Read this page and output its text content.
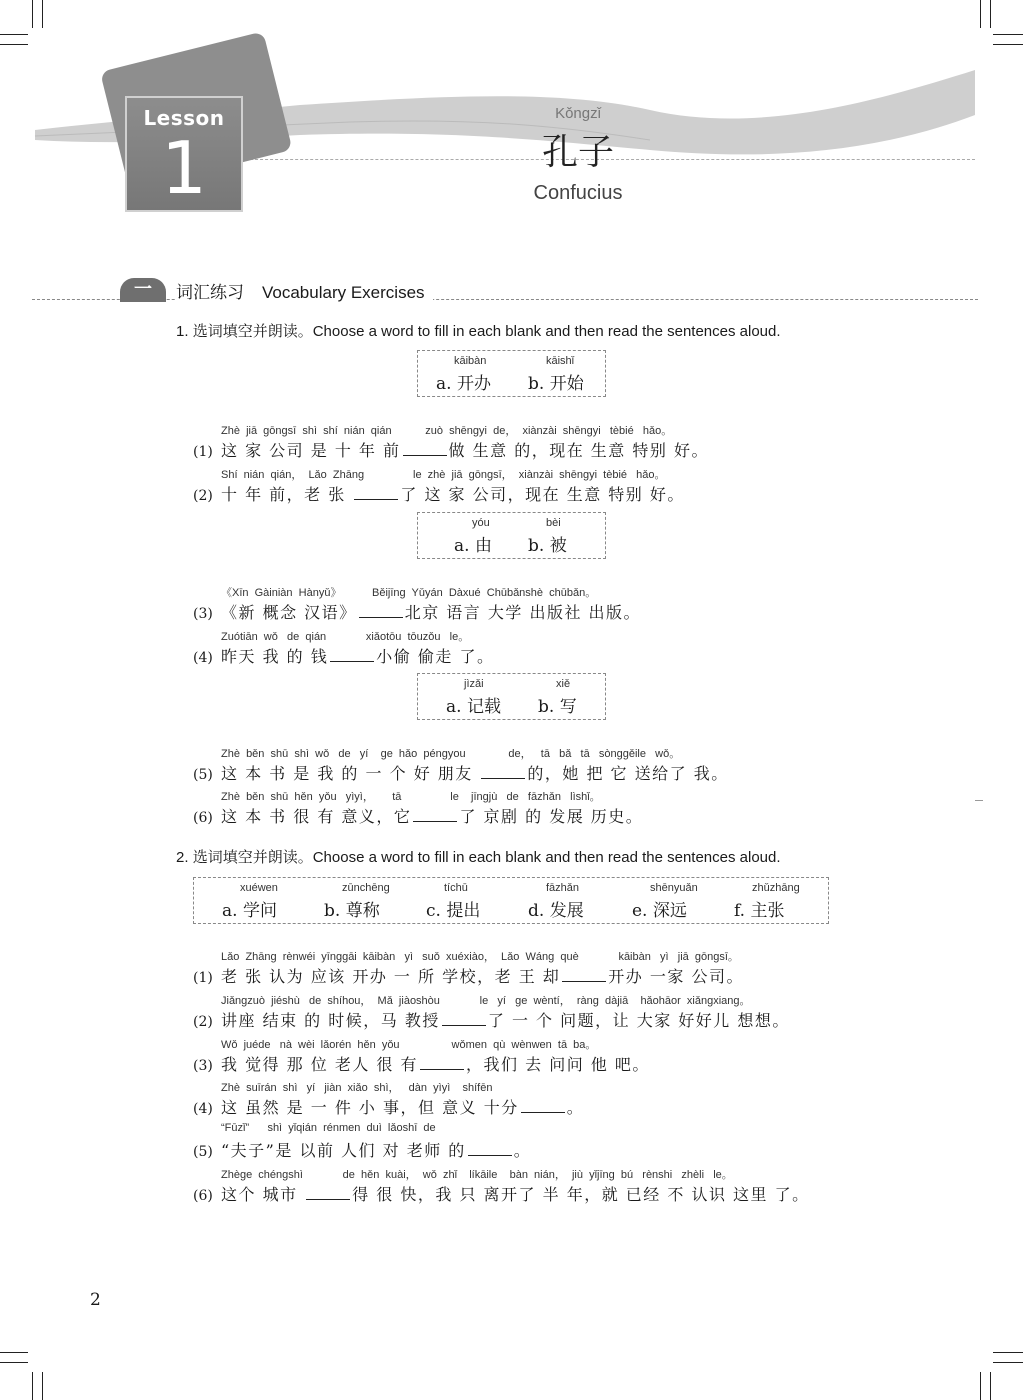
Lesson
1
Kǒngzǐ
孔子
Confucius
一	词汇练习 Vocabulary Exercises
1. 选词填空并朗读。Choose a word to fill in each blank and then read the sentences aloud.
kāibàn
a. 开办
kāishǐ
b. 开始
Zhè  jiā  gōngsī  shì  shí  nián  qián           zuò  shēngyi  de，  xiànzài  shēngyi   tèbié   hǎo。
(1) 这 家 公司 是 十 年 前	做 生意 的，现在 生意 特别 好。
Shí  nián  qián，  Lǎo  Zhāng                le  zhè  jiā  gōngsī，  xiànzài  shēngyi  tèbié   hǎo。
(2) 十 年 前，老 张	了 这 家 公司，现在 生意 特别 好。
yóu
a. 由
bèi
b. 被
《Xīn  Gàiniàn  Hànyǔ》          Běijīng  Yǔyán  Dàxué  Chūbǎnshè  chūbǎn。
(3) 《新 概念 汉语》	北京 语言 大学 出版社 出版。
Zuótiān  wǒ   de  qián             xiǎotōu  tōuzǒu   le。
(4) 昨天 我 的 钱	小偷 偷走 了。
jìzǎi
a. 记载
xiě
b. 写
Zhè  běn  shū  shì  wǒ   de   yí    ge  hǎo  péngyou              de，   tā   bǎ   tā   sònggěile   wǒ。
(5) 这 本 书 是 我 的 一 个 好 朋友	的，她 把 它 送给了 我。
Zhè  běn  shū  hěn  yǒu   yìyì，      tā                le    jīngjù   de   fāzhǎn   lìshǐ。
(6) 这 本 书 很 有 意义，它	了 京剧 的 发展 历史。
2. 选词填空并朗读。Choose a word to fill in each blank and then read the sentences aloud.
xuéwen
a. 学问
zūnchēng
b. 尊称
tíchū
c. 提出
fāzhǎn
d. 发展
shēnyuǎn
e. 深远
zhǔzhāng
f. 主张
Lǎo  Zhāng  rènwéi  yīnggāi  kāibàn   yì   suǒ  xuéxiào，  Lǎo  Wáng  què             kāibàn   yì   jiā  gōngsī。
(1) 老 张 认为 应该 开办 一 所 学校，老 王 却	开办 一家 公司。
Jiǎngzuò  jiéshù   de  shíhou，  Mǎ  jiàoshòu             le   yí   ge  wèntí，  ràng  dàjiā    hǎohāor  xiǎngxiang。
(2) 讲座 结束 的 时候，马 教授	了 一 个 问题，让 大家 好好儿 想想。
Wǒ  juéde   nà  wèi  lǎorén  hěn  yǒu                 wǒmen  qù  wènwen  tā  ba。
(3) 我 觉得 那 位 老人 很 有	，我们 去 问问 他 吧。
Zhè  suīrán  shì   yí   jiàn  xiǎo  shì，   dàn  yìyì    shífēn
(4) 这 虽然 是 一 件 小 事，但 意义 十分	。
“Fūzǐ”      shì  yǐqián  rénmen  duì  lǎoshī  de
(5) “夫子”是 以前 人们 对 老师 的	。
Zhège  chéngshì             de  hěn  kuài，  wǒ  zhǐ    líkāile    bàn  nián，  jiù  yǐjīng  bú   rènshi   zhèli   le。
(6) 这个 城市	得 很 快，我 只 离开了 半 年，就 已经 不 认识 这里 了。
2
